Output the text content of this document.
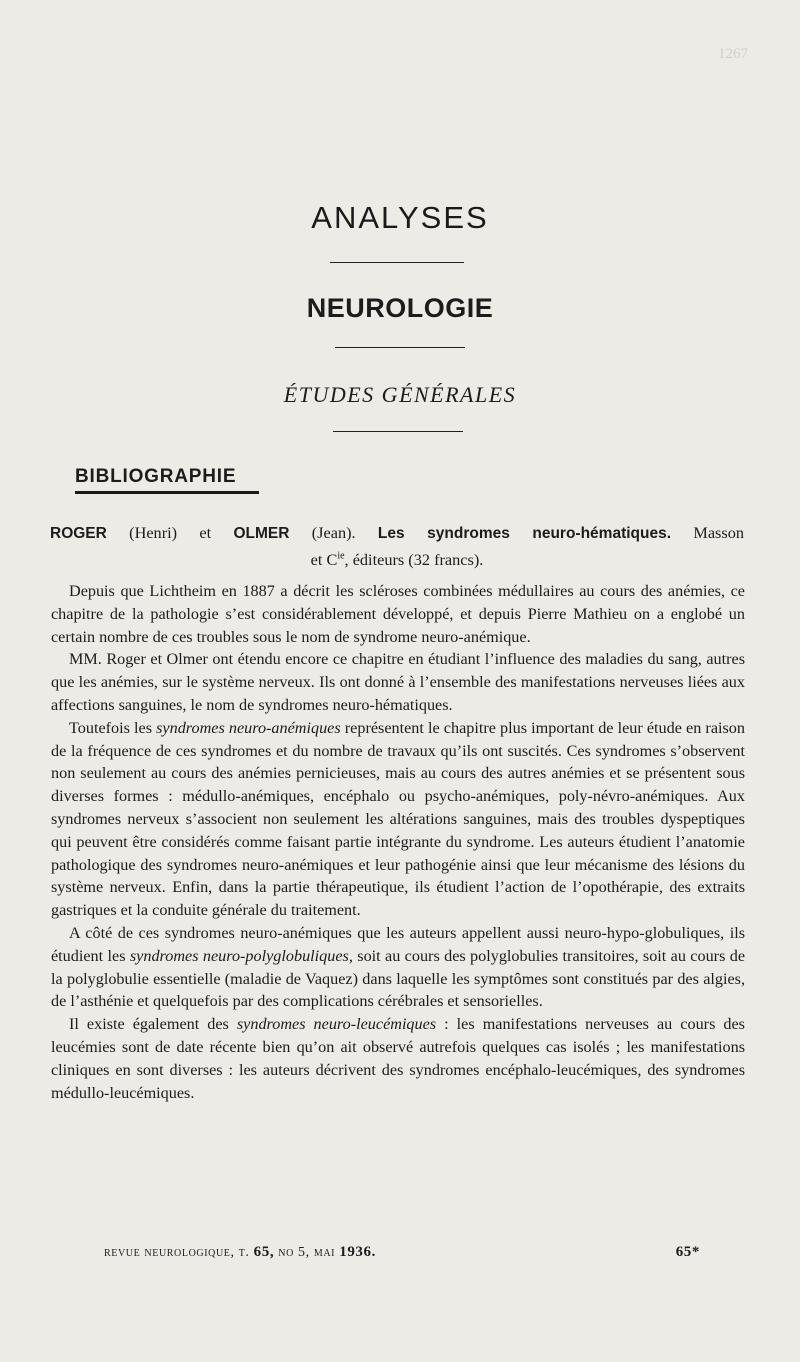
1267
ANALYSES
NEUROLOGIE
ÉTUDES GÉNÉRALES
BIBLIOGRAPHIE

ROGER (Henri) et OLMER (Jean). Les syndromes neuro-hématiques. Masson
et $C^{ie}$, éditeurs (32 francs).

Depuis que Lichtheim en 1887 a décrit les scléroses combinées médullaires au cours des anémies, ce chapitre de la pathologie s’est considérablement développé, et depuis Pierre Mathieu on a englobé un certain nombre de ces troubles sous le nom de syndrome neuro-anémique.

MM. Roger et Olmer ont étendu encore ce chapitre en étudiant l’influence des maladies du sang, autres que les anémies, sur le système nerveux. Ils ont donné à l’ensemble des manifestations nerveuses liées aux affections sanguines, le nom de syndromes neuro-hématiques.

Toutefois les syndromes neuro-anémiques représentent le chapitre plus important de leur étude en raison de la fréquence de ces syndromes et du nombre de travaux qu’ils ont suscités. Ces syndromes s’observent non seulement au cours des anémies pernicieuses, mais au cours des autres anémies et se présentent sous diverses formes : médullo-anémiques, encéphalo ou psycho-anémiques, poly-névro-anémiques. Aux syndromes nerveux s’associent non seulement les altérations sanguines, mais des troubles dyspeptiques qui peuvent être considérés comme faisant partie intégrante du syndrome. Les auteurs étudient l’anatomie pathologique des syndromes neuro-anémiques et leur pathogénie ainsi que leur mécanisme des lésions du système nerveux. Enfin, dans la partie thérapeutique, ils étudient l’action de l’opothérapie, des extraits gastriques et la conduite générale du traitement.

A côté de ces syndromes neuro-anémiques que les auteurs appellent aussi neuro-hypo-globuliques, ils étudient les syndromes neuro-polyglobuliques, soit au cours des polyglobulies transitoires, soit au cours de la polyglobulie essentielle (maladie de Vaquez) dans laquelle les symptômes sont constitués par des algies, de l’asthénie et quelquefois par des complications cérébrales et sensorielles.

Il existe également des syndromes neuro-leucémiques : les manifestations nerveuses au cours des leucémies sont de date récente bien qu’on ait observé autrefois quelques cas isolés ; les manifestations cliniques en sont diverses : les auteurs décrivent des syndromes encéphalo-leucémiques, des syndromes médullo-leucémiques.

revue neurologique, t. 65, no 5, mai 1936.	65*
